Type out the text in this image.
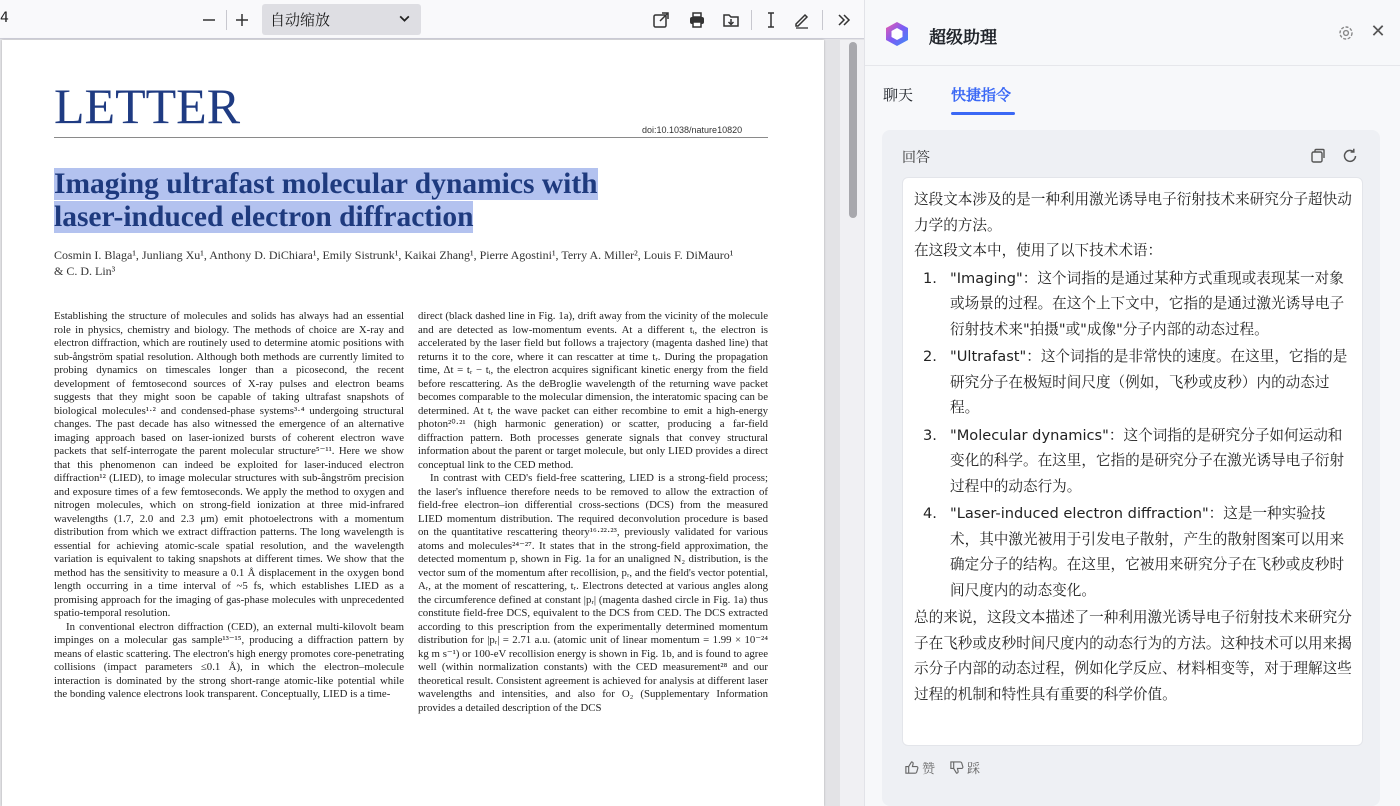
4	自动缩放
LETTER	doi:10.1038/nature10820
Imaging ultrafast molecular dynamics with
laser-induced electron diffraction
Cosmin I. Blaga¹, Junliang Xu¹, Anthony D. DiChiara¹, Emily Sistrunk¹, Kaikai Zhang¹, Pierre Agostini¹, Terry A. Miller², Louis F. DiMauro¹ & C. D. Lin³
Establishing the structure of molecules and solids has always had an essential role in physics, chemistry and biology. The methods of choice are X-ray and electron diffraction, which are routinely used to determine atomic positions with sub-ångström spatial resolution. Although both methods are currently limited to probing dynamics on timescales longer than a picosecond, the recent development of femtosecond sources of X-ray pulses and electron beams suggests that they might soon be capable of taking ultrafast snapshots of biological molecules¹·² and condensed-phase systems³·⁴ undergoing structural changes. The past decade has also witnessed the emergence of an alternative imaging approach based on laser-ionized bursts of coherent electron wave packets that self-interrogate the parent molecular structure⁵⁻¹¹. Here we show that this phenomenon can indeed be exploited for laser-induced electron diffraction¹² (LIED), to image molecular structures with sub-ångström precision and exposure times of a few femtoseconds. We apply the method to oxygen and nitrogen molecules, which on strong-field ionization at three mid-infrared wavelengths (1.7, 2.0 and 2.3 μm) emit photoelectrons with a momentum distribution from which we extract diffraction patterns. The long wavelength is essential for achieving atomic-scale spatial resolution, and the wavelength variation is equivalent to taking snapshots at different times. We show that the method has the sensitivity to measure a 0.1 Å displacement in the oxygen bond length occurring in a time interval of ~5 fs, which establishes LIED as a promising approach for the imaging of gas-phase molecules with unprecedented spatio-temporal resolution.
In conventional electron diffraction (CED), an external multi-kilovolt beam impinges on a molecular gas sample¹³⁻¹⁵, producing a diffraction pattern by means of elastic scattering. The electron's high energy promotes core-penetrating collisions (impact parameters ≤0.1 Å), in which the electron–molecule interaction is dominated by the strong short-range atomic-like potential while the bonding valence electrons look transparent. Conceptually, LIED is a time-
direct (black dashed line in Fig. 1a), drift away from the vicinity of the molecule and are detected as low-momentum events. At a different tᵢ, the electron is accelerated by the laser field but follows a trajectory (magenta dashed line) that returns it to the core, where it can rescatter at time tᵣ. During the propagation time, Δt = tᵣ − tᵢ, the electron acquires significant kinetic energy from the field before rescattering. As the deBroglie wavelength of the returning wave packet becomes comparable to the molecular dimension, the interatomic spacing can be determined. At tᵣ the wave packet can either recombine to emit a high-energy photon²⁰·²¹ (high harmonic generation) or scatter, producing a far-field diffraction pattern. Both processes generate signals that convey structural information about the parent or target molecule, but only LIED provides a direct conceptual link to the CED method.
In contrast with CED's field-free scattering, LIED is a strong-field process; the laser's influence therefore needs to be removed to allow the extraction of field-free electron–ion differential cross-sections (DCS) from the measured LIED momentum distribution. The required deconvolution procedure is based on the quantitative rescattering theory¹⁶·²²·²³, previously validated for various atoms and molecules²⁴⁻²⁷. It states that in the strong-field approximation, the detected momentum p, shown in Fig. 1a for an unaligned N₂ distribution, is the vector sum of the momentum after recollision, pᵣ, and the field's vector potential, Aᵣ, at the moment of rescattering, tᵣ. Electrons detected at various angles along the circumference defined at constant |pᵣ| (magenta dashed circle in Fig. 1a) thus constitute field-free DCS, equivalent to the DCS from CED. The DCS extracted according to this prescription from the experimentally determined momentum distribution for |pᵣ| = 2.71 a.u. (atomic unit of linear momentum = 1.99 × 10⁻²⁴ kg m s⁻¹) or 100-eV recollision energy is shown in Fig. 1b, and is found to agree well (within normalization constants) with the CED measurement²⁸ and our theoretical result. Consistent agreement is achieved for analysis at different laser wavelengths and intensities, and also for O₂ (Supplementary Information provides a detailed description of the DCS
超级助理	✕
聊天	快捷指令
回答
这段文本涉及的是一种利用激光诱导电子衍射技术来研究分子超快动力学的方法。
在这段文本中，使用了以下技术术语：
1. "Imaging"：这个词指的是通过某种方式重现或表现某一对象或场景的过程。在这个上下文中，它指的是通过激光诱导电子衍射技术来"拍摄"或"成像"分子内部的动态过程。
2. "Ultrafast"：这个词指的是非常快的速度。在这里，它指的是研究分子在极短时间尺度（例如，飞秒或皮秒）内的动态过程。
3. "Molecular dynamics"：这个词指的是研究分子如何运动和变化的科学。在这里，它指的是研究分子在激光诱导电子衍射过程中的动态行为。
4. "Laser-induced electron diffraction"：这是一种实验技术，其中激光被用于引发电子散射，产生的散射图案可以用来确定分子的结构。在这里，它被用来研究分子在飞秒或皮秒时间尺度内的动态变化。
总的来说，这段文本描述了一种利用激光诱导电子衍射技术来研究分子在飞秒或皮秒时间尺度内的动态行为的方法。这种技术可以用来揭示分子内部的动态过程，例如化学反应、材料相变等，对于理解这些过程的机制和特性具有重要的科学价值。
赞 踩
